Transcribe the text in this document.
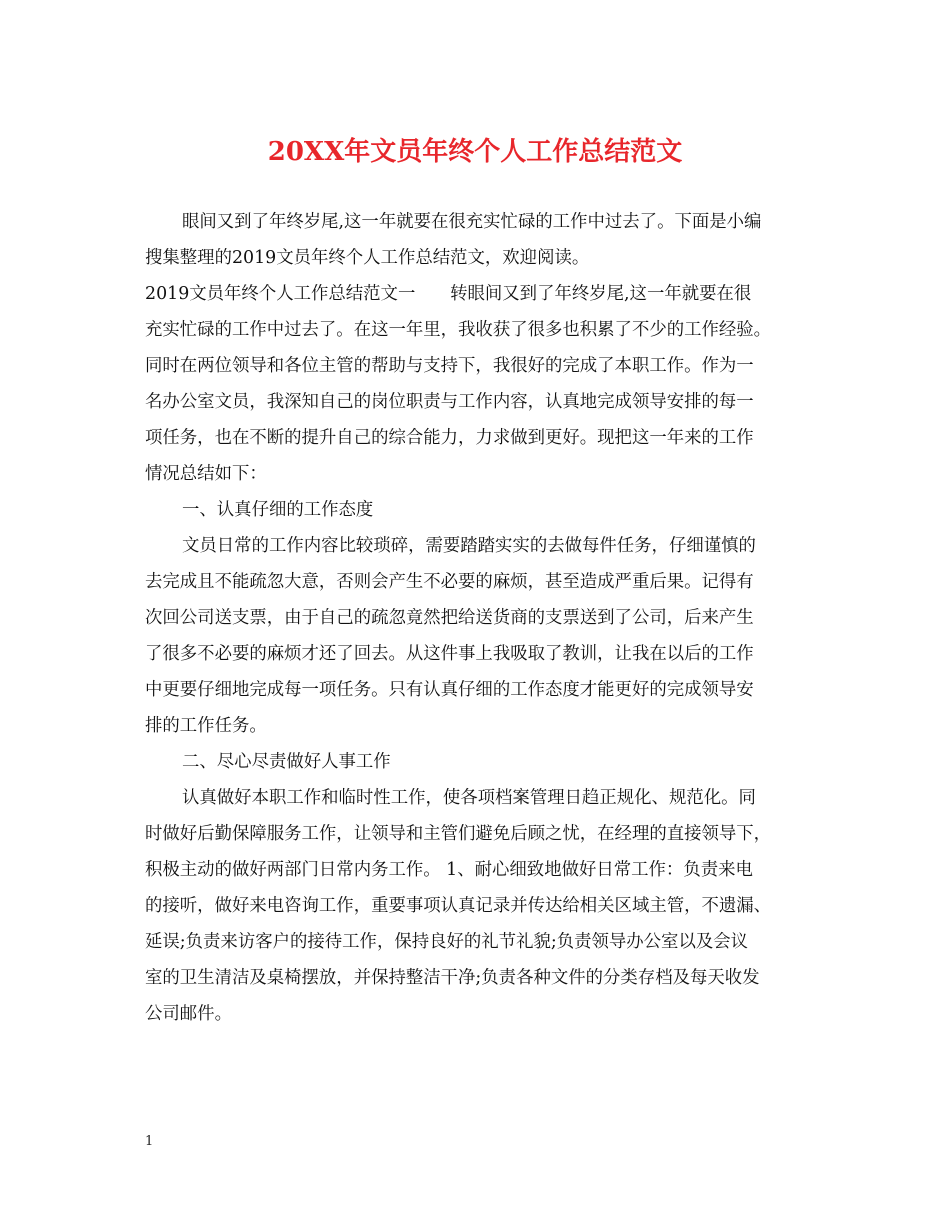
20XX年文员年终个人工作总结范文
眼间又到了年终岁尾,这一年就要在很充实忙碌的工作中过去了。下面是小编
搜集整理的2019文员年终个人工作总结范文，欢迎阅读。
2019文员年终个人工作总结范文一　　转眼间又到了年终岁尾,这一年就要在很
充实忙碌的工作中过去了。在这一年里，我收获了很多也积累了不少的工作经验。
同时在两位领导和各位主管的帮助与支持下，我很好的完成了本职工作。作为一
名办公室文员，我深知自己的岗位职责与工作内容，认真地完成领导安排的每一
项任务，也在不断的提升自己的综合能力，力求做到更好。现把这一年来的工作
情况总结如下：
一、认真仔细的工作态度
文员日常的工作内容比较琐碎，需要踏踏实实的去做每件任务，仔细谨慎的
去完成且不能疏忽大意，否则会产生不必要的麻烦，甚至造成严重后果。记得有
次回公司送支票，由于自己的疏忽竟然把给送货商的支票送到了公司，后来产生
了很多不必要的麻烦才还了回去。从这件事上我吸取了教训，让我在以后的工作
中更要仔细地完成每一项任务。只有认真仔细的工作态度才能更好的完成领导安
排的工作任务。
二、尽心尽责做好人事工作
认真做好本职工作和临时性工作，使各项档案管理日趋正规化、规范化。同
时做好后勤保障服务工作，让领导和主管们避免后顾之忧，在经理的直接领导下，
积极主动的做好两部门日常内务工作。 1、耐心细致地做好日常工作：负责来电
的接听，做好来电咨询工作，重要事项认真记录并传达给相关区域主管，不遗漏、
延误;负责来访客户的接待工作，保持良好的礼节礼貌;负责领导办公室以及会议
室的卫生清洁及桌椅摆放，并保持整洁干净;负责各种文件的分类存档及每天收发
公司邮件。
1
